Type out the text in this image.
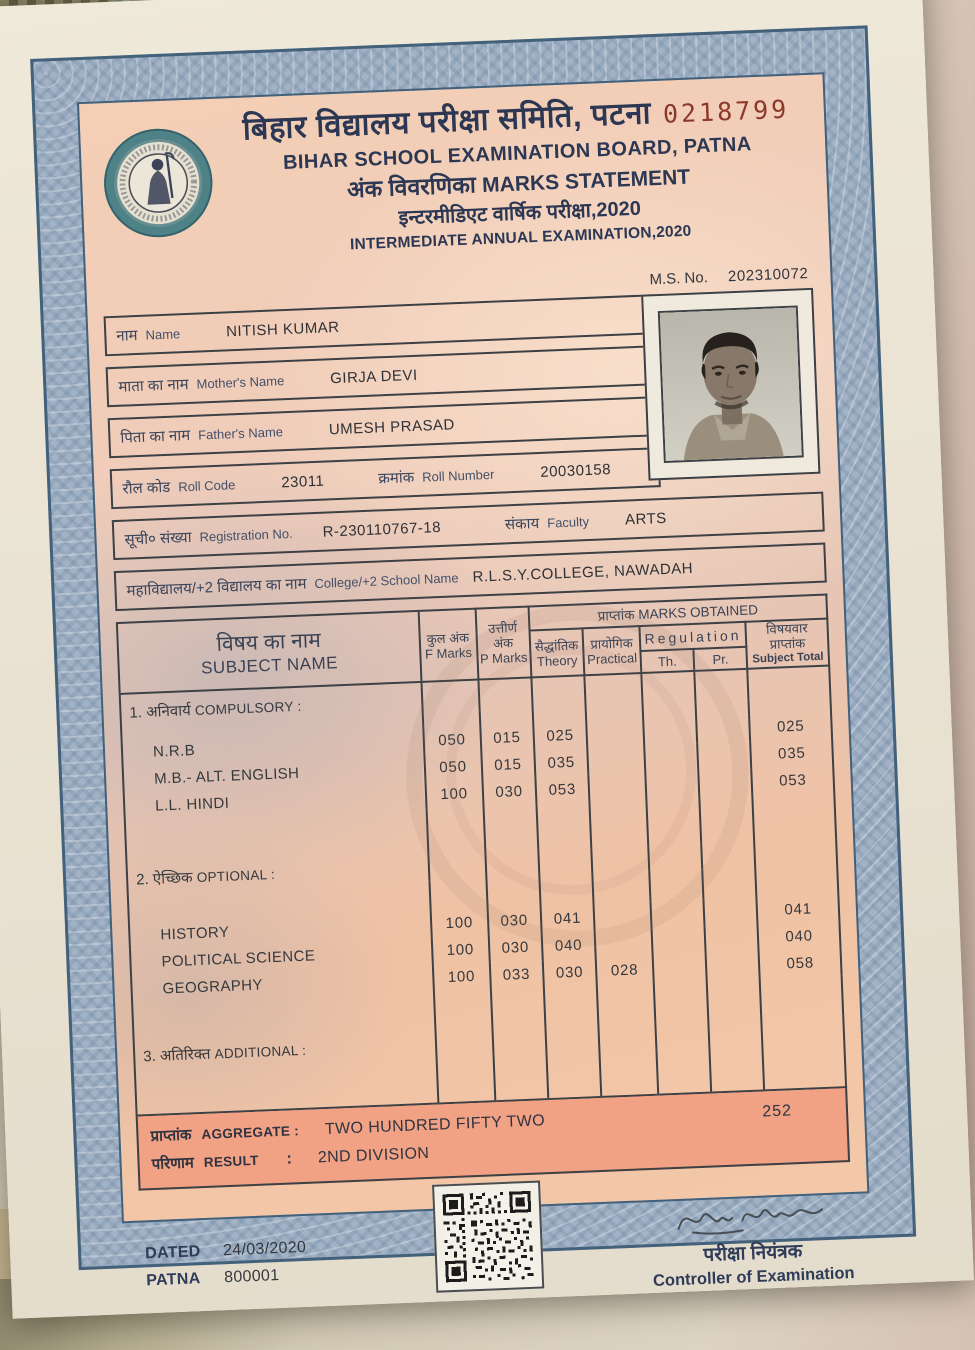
बिहार विद्यालय परीक्षा समिति, पटना 0218799
BIHAR SCHOOL EXAMINATION BOARD, PATNA
अंक विवरणिका MARKS STATEMENT
इन्टरमीडिएट वार्षिक परीक्षा,2020
INTERMEDIATE ANNUAL EXAMINATION,2020
M.S. No. 202310072
नाम Name	NITISH KUMAR
माता का नाम Mother's Name	GIRJA DEVI
पिता का नाम Father's Name	UMESH PRASAD
रौल कोड Roll Code	23011	क्रमांक Roll Number	20030158
सूची० संख्या Registration No. R-230110767-18	संकाय Faculty ARTS
महाविद्यालय/+2 विद्यालय का नाम College/+2 School Name R.L.S.Y.COLLEGE, NAWADAH
विषय का नाम
SUBJECT NAME

कुल अंक
F Marks

उत्तीर्ण अंक
P Marks
	प्राप्तांक MARKS OBTAINED

सैद्धांतिक
Theory

प्रायोगिक
Practical
	Regulation	विषयवार प्राप्तांक
Subject Total

					Th.	Pr.	

1. अनिवार्य COMPULSORY :							

N.R.B	050	015	025				025
M.B.- ALT. ENGLISH	050	015	035				035
L.L. HINDI	100	030	053				053

2. ऐच्छिक OPTIONAL :							

HISTORY	100	030	041				041
POLITICAL SCIENCE	100	030	040				040
GEOGRAPHY	100	033	030	028			058

3. अतिरिक्त ADDITIONAL :							

प्राप्तांक AGGREGATE : TWO HUNDRED FIFTY TWO
252
परिणाम RESULT : 2ND DIVISION
DATED	24/03/2020
PATNA	800001
परीक्षा नियंत्रक
Controller of Examination
